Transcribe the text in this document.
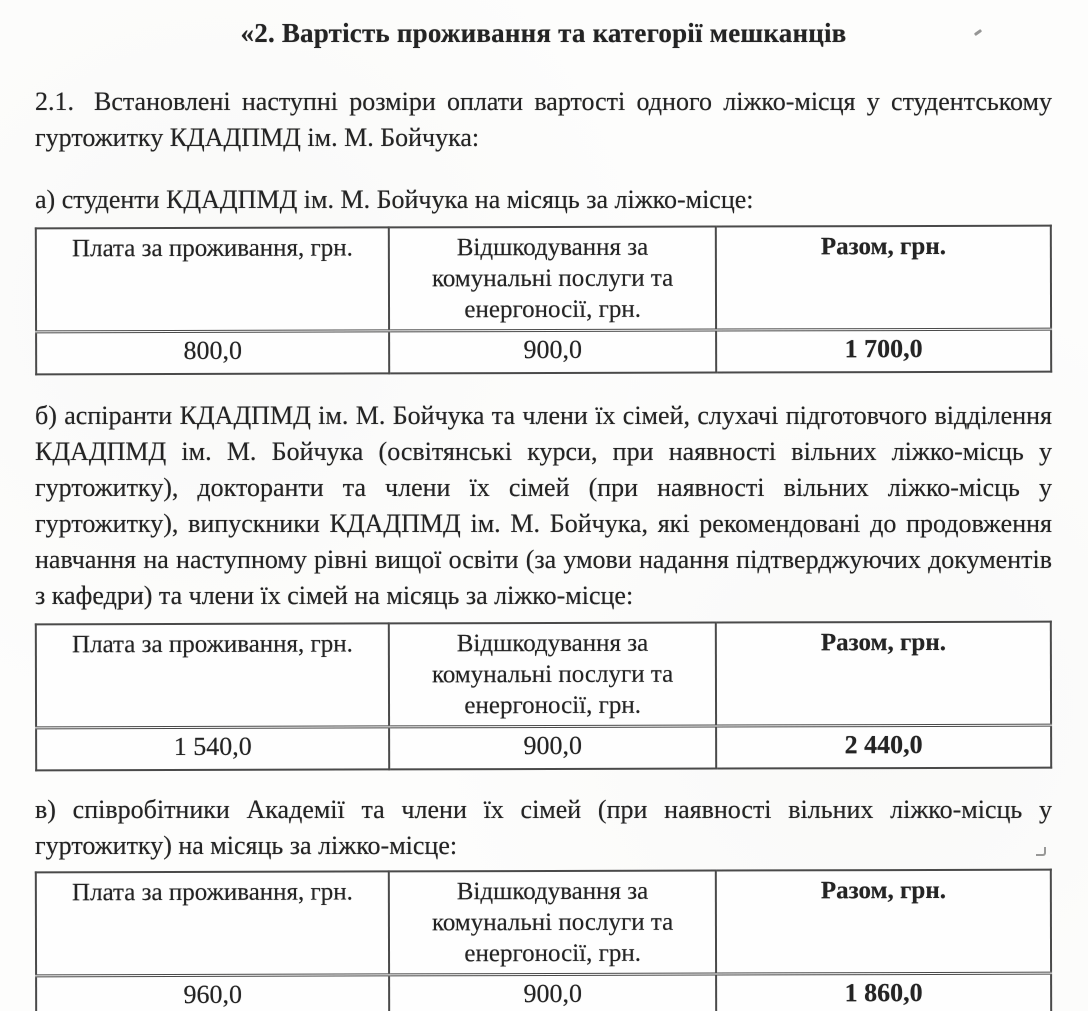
«2. Вартість проживання та категорії мешканців

2.1. Встановлені наступні розміри оплати вартості одного ліжко-місця у студентському гуртожитку КДАДПМД ім. М. Бойчука:

а) студенти КДАДПМД ім. М. Бойчука на місяць за ліжко-місце:

Плата за проживання, грн.	Відшкодування за комунальні послуги та енергоносії, грн.	Разом, грн.
800,0	900,0	1 700,0

б) аспіранти КДАДПМД ім. М. Бойчука та члени їх сімей, слухачі підготовчого відділення КДАДПМД ім. М. Бойчука (освітянські курси, при наявності вільних ліжко-місць у гуртожитку), докторанти та члени їх сімей (при наявності вільних ліжко-місць у гуртожитку), випускники КДАДПМД ім. М. Бойчука, які рекомендовані до продовження навчання на наступному рівні вищої освіти (за умови надання підтверджуючих документів з кафедри) та члени їх сімей на місяць за ліжко-місце:

Плата за проживання, грн.	Відшкодування за комунальні послуги та енергоносії, грн.	Разом, грн.
1 540,0	900,0	2 440,0

в) співробітники Академії та члени їх сімей (при наявності вільних ліжко-місць у гуртожитку) на місяць за ліжко-місце:

Плата за проживання, грн.	Відшкодування за комунальні послуги та енергоносії, грн.	Разом, грн.
960,0	900,0	1 860,0
